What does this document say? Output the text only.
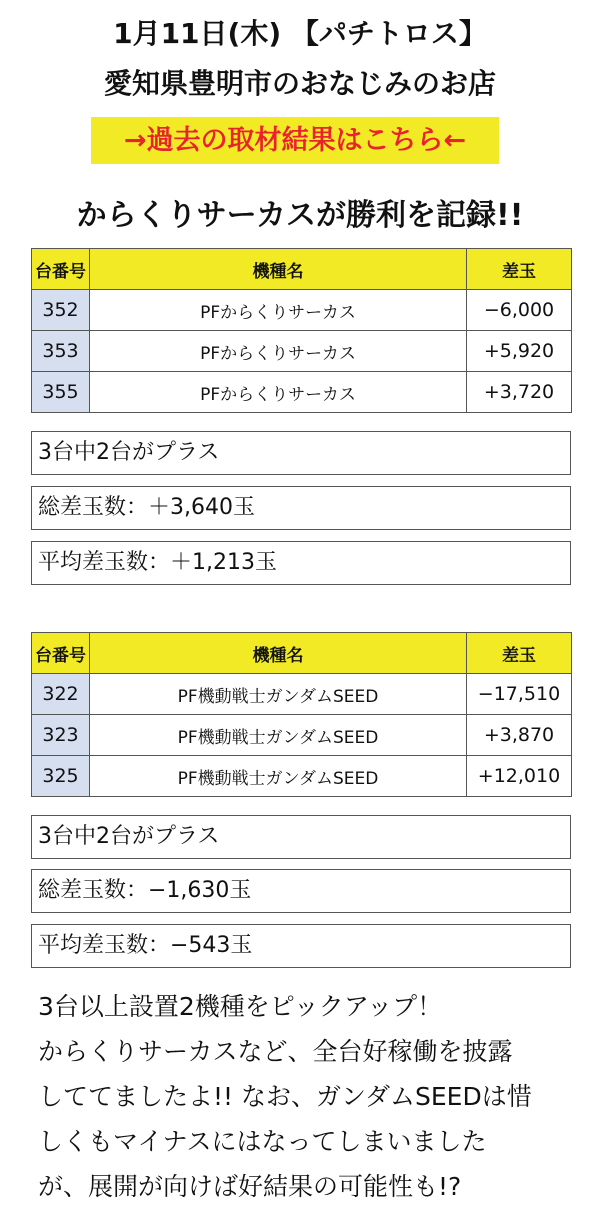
1月11日(木) 【パチトロス】
愛知県豊明市のおなじみのお店
→過去の取材結果はこちら←
からくりサーカスが勝利を記録!!
台番号	機種名	差玉
352	PFからくりサーカス	−6,000
353	PFからくりサーカス	+5,920
355	PFからくりサーカス	+3,720
3台中2台がプラス
総差玉数：＋3,640玉
平均差玉数：＋1,213玉
台番号	機種名	差玉
322	PF機動戦士ガンダムSEED	−17,510
323	PF機動戦士ガンダムSEED	+3,870
325	PF機動戦士ガンダムSEED	+12,010
3台中2台がプラス
総差玉数：−1,630玉
平均差玉数：−543玉

3台以上設置2機種をピックアップ！

からくりサーカスなど、全台好稼働を披露

しててましたよ!! なお、ガンダムSEEDは惜

しくもマイナスにはなってしまいました

が、展開が向けば好結果の可能性も!?
